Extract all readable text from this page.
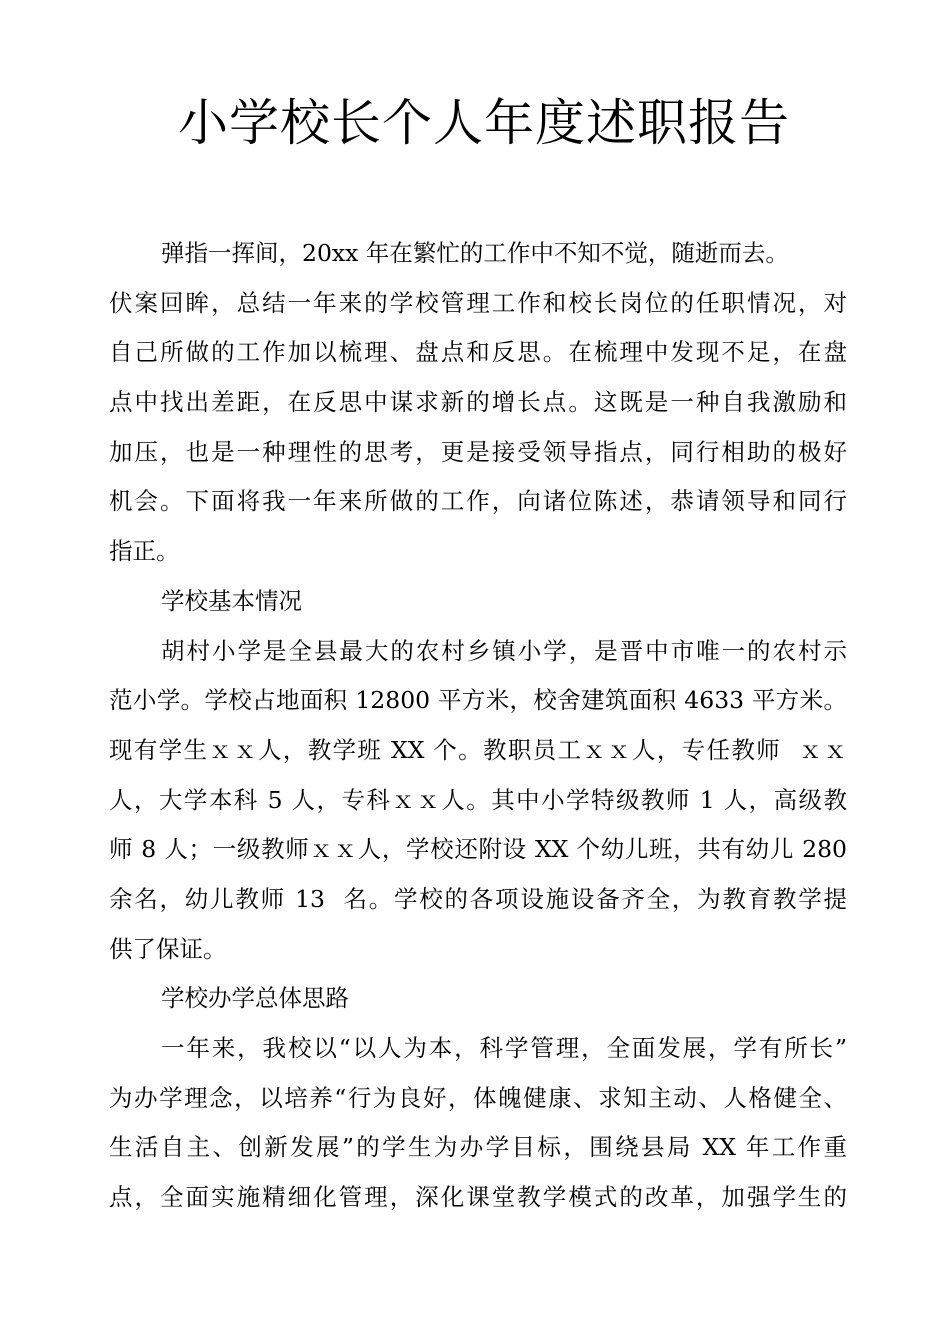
小学校长个人年度述职报告
弹指一挥间，20xx 年在繁忙的工作中不知不觉，随逝而去。
伏案回眸，总结一年来的学校管理工作和校长岗位的任职情况，对
自己所做的工作加以梳理、盘点和反思。在梳理中发现不足，在盘
点中找出差距，在反思中谋求新的增长点。这既是一种自我激励和
加压，也是一种理性的思考，更是接受领导指点，同行相助的极好
机会。下面将我一年来所做的工作，向诸位陈述，恭请领导和同行
指正。
学校基本情况
胡村小学是全县最大的农村乡镇小学，是晋中市唯一的农村示
范小学。学校占地面积 12800 平方米，校舍建筑面积 4633 平方米。
现有学生ｘｘ人，教学班 XX 个。教职员工ｘｘ人，专任教师  ｘｘ
人，大学本科 5 人，专科ｘｘ人。其中小学特级教师 1 人，高级教
师 8 人；一级教师ｘｘ人，学校还附设 XX 个幼儿班，共有幼儿 280
余名，幼儿教师 13  名。学校的各项设施设备齐全，为教育教学提
供了保证。
学校办学总体思路
一年来，我校以“以人为本，科学管理，全面发展，学有所长”
为办学理念，以培养“行为良好，体魄健康、求知主动、人格健全、
生活自主、创新发展”的学生为办学目标，围绕县局 XX 年工作重
点，全面实施精细化管理，深化课堂教学模式的改革，加强学生的
